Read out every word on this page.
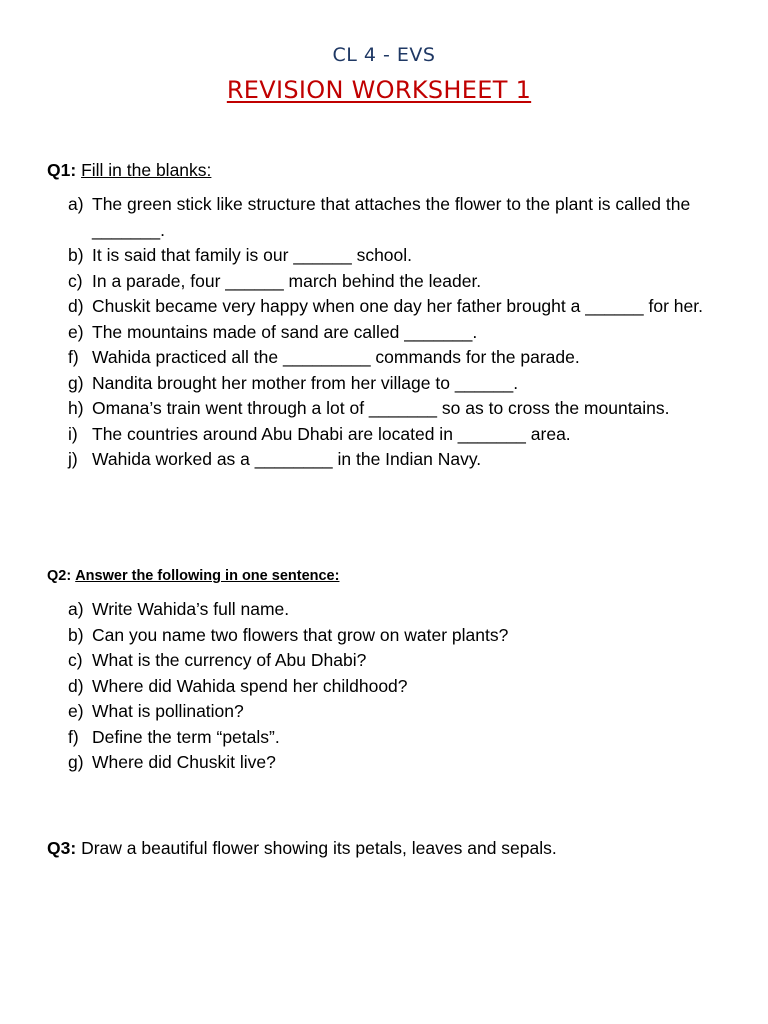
CL 4 - EVS
REVISION WORKSHEET 1
Q1: Fill in the blanks:
a) The green stick like structure that attaches the flower to the plant is called the _______.
b) It is said that family is our ______ school.
c) In a parade, four ______ march behind the leader.
d) Chuskit became very happy when one day her father brought a ______ for her.
e) The mountains made of sand are called _______.
f) Wahida practiced all the _________ commands for the parade.
g) Nandita brought her mother from her village to ______.
h) Omana’s train went through a lot of _______ so as to cross the mountains.
i) The countries around Abu Dhabi are located in _______ area.
j) Wahida worked as a ________ in the Indian Navy.
Q2: Answer the following in one sentence:
a) Write Wahida’s full name.
b) Can you name two flowers that grow on water plants?
c) What is the currency of Abu Dhabi?
d) Where did Wahida spend her childhood?
e) What is pollination?
f) Define the term “petals”.
g) Where did Chuskit live?
Q3: Draw a beautiful flower showing its petals, leaves and sepals.
